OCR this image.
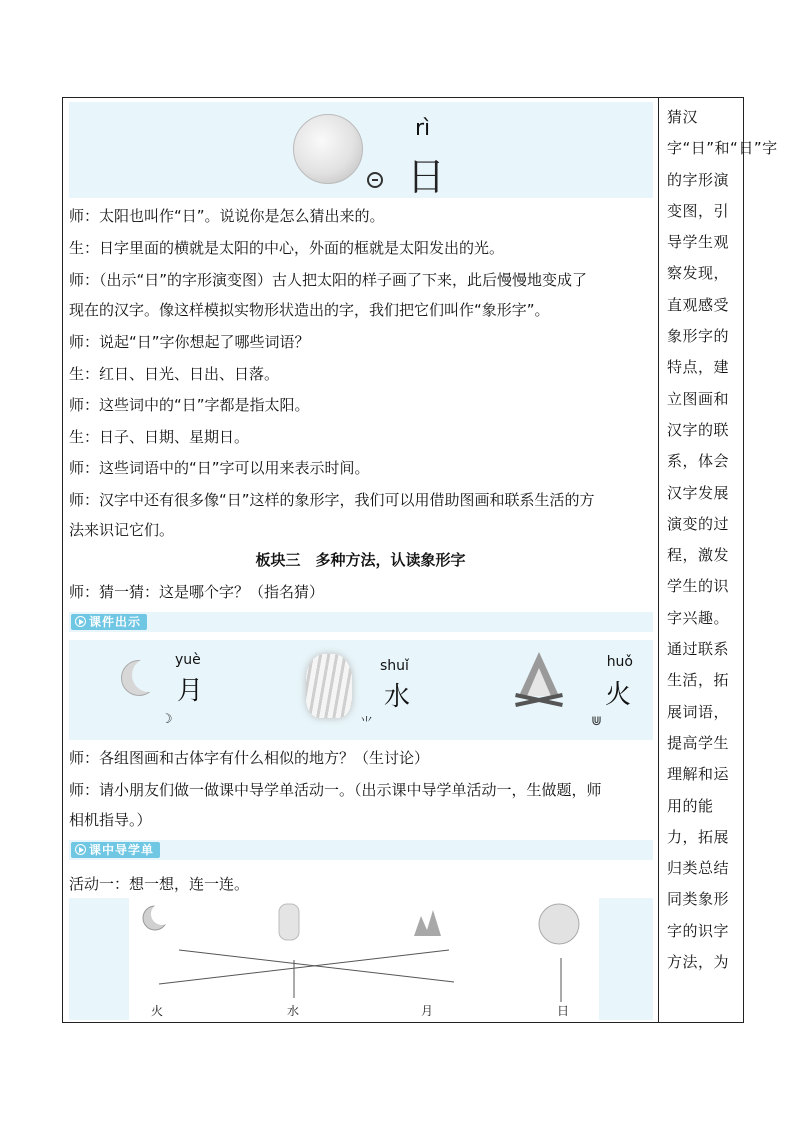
rì
日
师：太阳也叫作“日”。说说你是怎么猜出来的。
生：日字里面的横就是太阳的中心，外面的框就是太阳发出的光。
师：（出示“日”的字形演变图）古人把太阳的样子画了下来，此后慢慢地变成了
现在的汉字。像这样模拟实物形状造出的字，我们把它们叫作“象形字”。
师：说起“日”字你想起了哪些词语？
生：红日、日光、日出、日落。
师：这些词中的“日”字都是指太阳。
生：日子、日期、星期日。
师：这些词语中的“日”字可以用来表示时间。
师：汉字中还有很多像“日”这样的象形字，我们可以用借助图画和联系生活的方
法来识记它们。
板块三　多种方法，认读象形字
师：猜一猜：这是哪个字？（指名猜）
课件出示
yuè
月
☽
shuǐ
水
⺌
huǒ
火
⋓
师：各组图画和古体字有什么相似的地方？（生讨论）
师：请小朋友们做一做课中导学单活动一。（出示课中导学单活动一，生做题，师
相机指导。）
课中导学单
活动一：想一想，连一连。
火	水	月	日
猜汉字“日”和“日”字的字形演变图，引导学生观察发现，直观感受象形字的特点，建立图画和汉字的联系，体会汉字发展演变的过程，激发学生的识字兴趣。通过联系生活，拓展词语，提高学生理解和运用的能力，拓展归类总结同类象形字的识字方法，为
